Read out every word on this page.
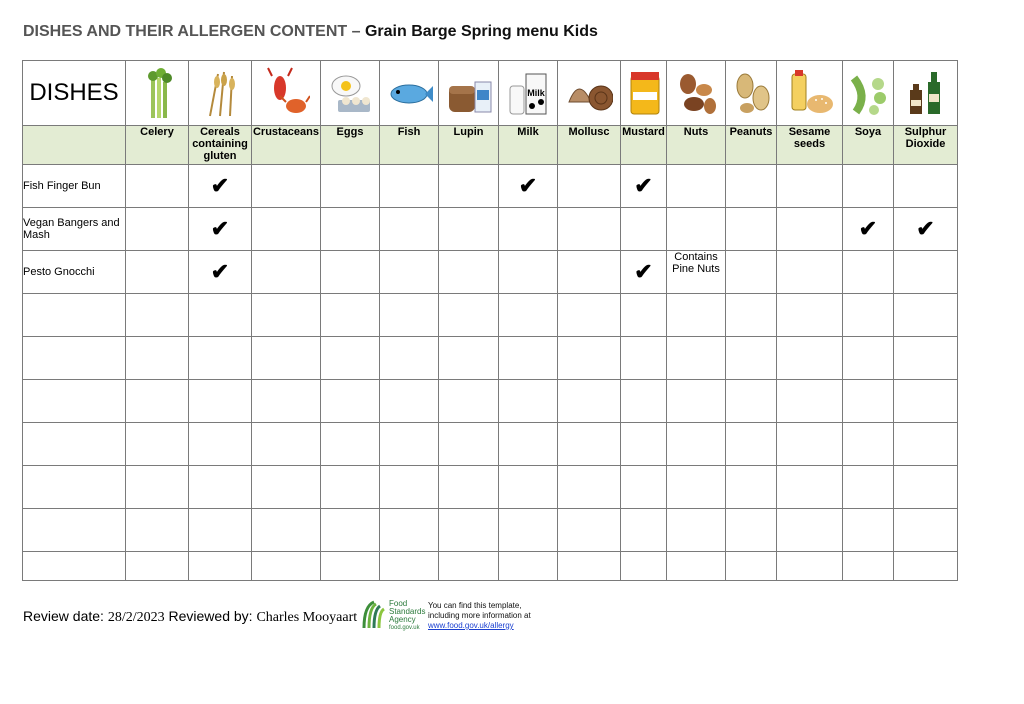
DISHES AND THEIR ALLERGEN CONTENT – Grain Barge Spring menu Kids
DISHES							Milk

	Celery	Cereals containing gluten	Crustaceans	Eggs	Fish	Lupin	Milk	Mollusc	Mustard	Nuts	Peanuts	Sesame seeds	Soya	Sulphur Dioxide
Fish Finger Bun		✔					✔		✔					
Vegan Bangers and Mash		✔											✔	✔
Pesto Gnocchi		✔							✔	Contains Pine Nuts				

Review date: 28/2/2023 Reviewed by: Charles Mooyaart
Food
Standards
Agency
food.gov.uk
You can find this template,
including more information at
www.food.gov.uk/allergy
